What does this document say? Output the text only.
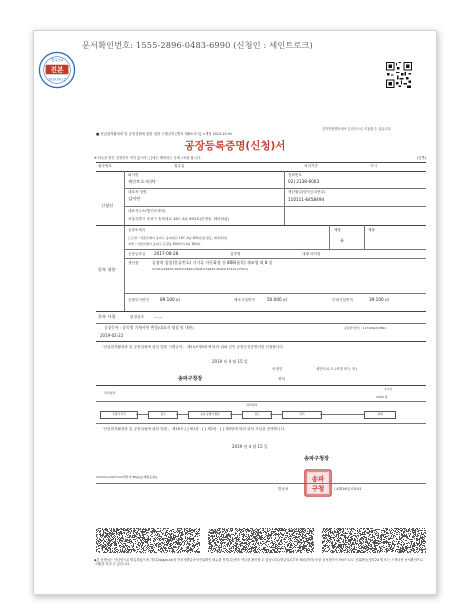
진본
정부24
2019.04.15
문서확인번호: 1555-2896-0483-6990 (신청인 : 세인트로크)
■ 산업집적활성화 및 공장설립에 관한 법률 시행규칙 [별지 제8호서식] <개정 2013.10.9>
전자민원센터에서 온라인으로 신청할 수 있습니다.
공장등록증명(신청)서
※ 어두운 란은 신청인이 적지 않으며, [ ]에는 해당되는 곳에 √표를 합니다.	(앞쪽)
접수번호	접수일	처리기간	즉시
신청인
회사명
세인트로크(주)
전화번호
02) 2138-6003
대표자 성명
김서연
생년월일(법인등록번호)
110111-6458494
대표자주소(법인소재지)
서울특별시 송파구 송파대로 167, A동 803호(문정동, 테라타워)
등록 내용
공장소재지
도로명 : 서울특별시 송파구 송파대로 167, A동 803호(문정동, 테라타워)
지번 : 서울특별시 송파구 문정동 634번지 A동 803호
제품
유
제품
공장등록일 2017-08-28	업종명	대량 의약품
생산품	공장의 업종(분류번호) 기기류 자동화장 등 806(품목) 제조업 외 8 종
(27219,26410,26219,26421,26410,26420,26429,27212,27213)
공장부지면적	89.100 ㎡	제조시설면적	50.000 ㎡	부대시설면적	39.100 ㎡
등록 사항	변경일자	— —
공장등록 : 종목별 기재사항 변경(대표자 명칭 및 내용)	공장관리번호 : 1171002272801
2019-02-22
「산업집적활성화 및 공장설립에 관한 법률 시행규칙」 제12조제3항에 따라 위와 같이 공장등록증명서를 신청합니다.
2019 년 4 월 15 일
신청인	세인트로크 (서명 또는 인)
송파구청장	귀하
처리절차
수수료
1000 원
처리절차
신청서 작성	접수	등록 증명서 발급	검토	처리	결재
「산업집적활성화 및 공장설립에 관한 법률」 제16조 [ ] 제1항 · [ ] 제2항 · [ ] 제3항에 따라 위의 사실을 증명합니다.
2019 년 4 월 15 일
송파구청장
송파
구청
210mm×297mm[백상지 80g/㎡(재활용품)]
발송처	/ 4월16일 03:51
◆본 증명서는 인터넷으로 발급되었으며, 정부24(gov.kr)의 인터넷발급문서진위확인 메뉴를 통해 위·변조 여부를 확인할 수 있습니다.(발급일로부터 90일까지) 또한 문서하단의 바코드로도 진위확인(정부24 앱 또는 스캐너용 문서확인프로그램)을 하실 수 있습니다.
